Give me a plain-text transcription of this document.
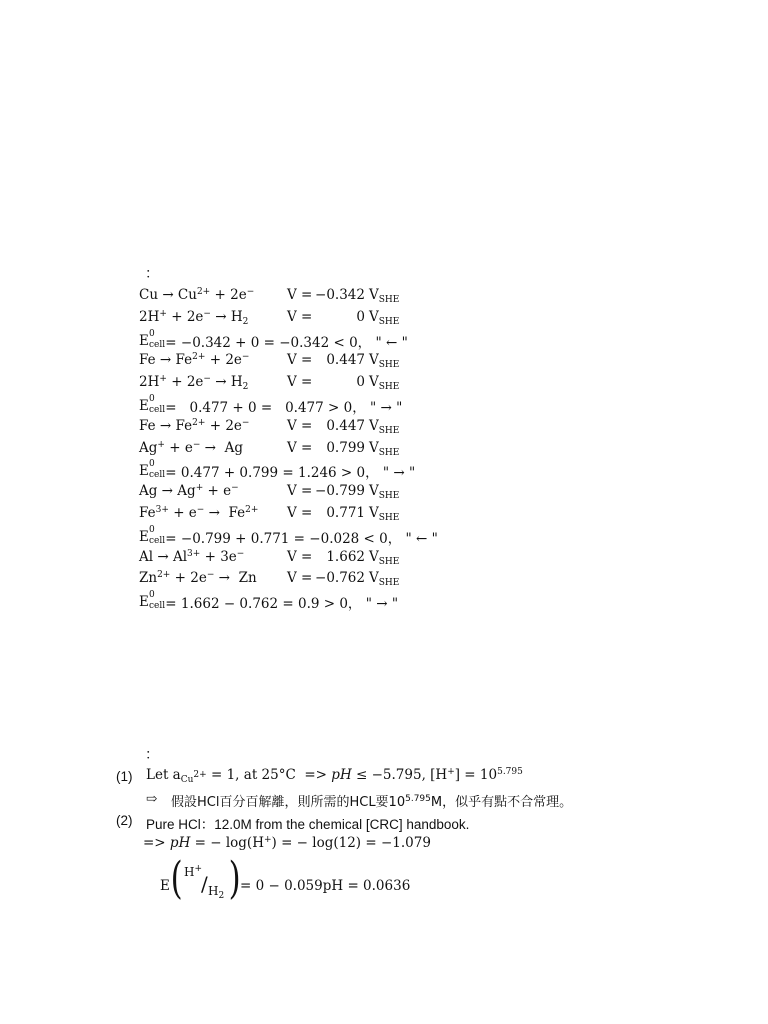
：
$Cu \to Cu^{2+} + 2e^-$ V = −0.342 $V_{SHE}$
$2H^+ + 2e^- \to H_2$	V =	0 $V_{SHE}$
E 0
cell
= −0.342 + 0 = −0.342 < 0， " ← "
$Fe \to Fe^{2+} + 2e^-$	V = 0.447 $V_{SHE}$
$2H^+ + 2e^- \to H_2$	V =	0 $V_{SHE}$
E 0
cell
=   0.477 + 0 =   0.477 > 0， " → "
$Fe \to Fe^{2+} + 2e^-$	V = 0.447 $V_{SHE}$
Ag+ + e− →  Ag	V = 0.799 $V_{SHE}$
E 0
cell
= 0.477 + 0.799 = 1.246 > 0， " → "
Ag → Ag+ + e−	V = −0.799 $V_{SHE}$
$Fe^{3+} + e^- \to Fe^{2+}$ V = 0.771 $V_{SHE}$
E 0
cell
= −0.799 + 0.771 = −0.028 < 0， " ← "
$Al \to Al^{3+} + 3e^-$	V = 1.662 $V_{SHE}$
$Zn^{2+} + 2e^- \to Zn$ V = −0.762 $V_{SHE}$
E 0
cell
= 1.662 − 0.762 = 0.9 > 0， " → "
：
(1) Let $a_{Cu^{2+}} = 1$, at 25°C  => pH ≤ −5.795, $[H^+] = 10^{5.795}$
⇨ 假設HCl百分百解離，則所需的HCL要$10^{5.795}M$，似乎有點不合常理。
(2) Pure HCl：12.0M from the chemical [CRC] handbook.
=> pH = − log(H+) = − log(12) = −1.079
E ( H+
/ $H_2$ ) = 0 − 0.059pH = 0.0636
